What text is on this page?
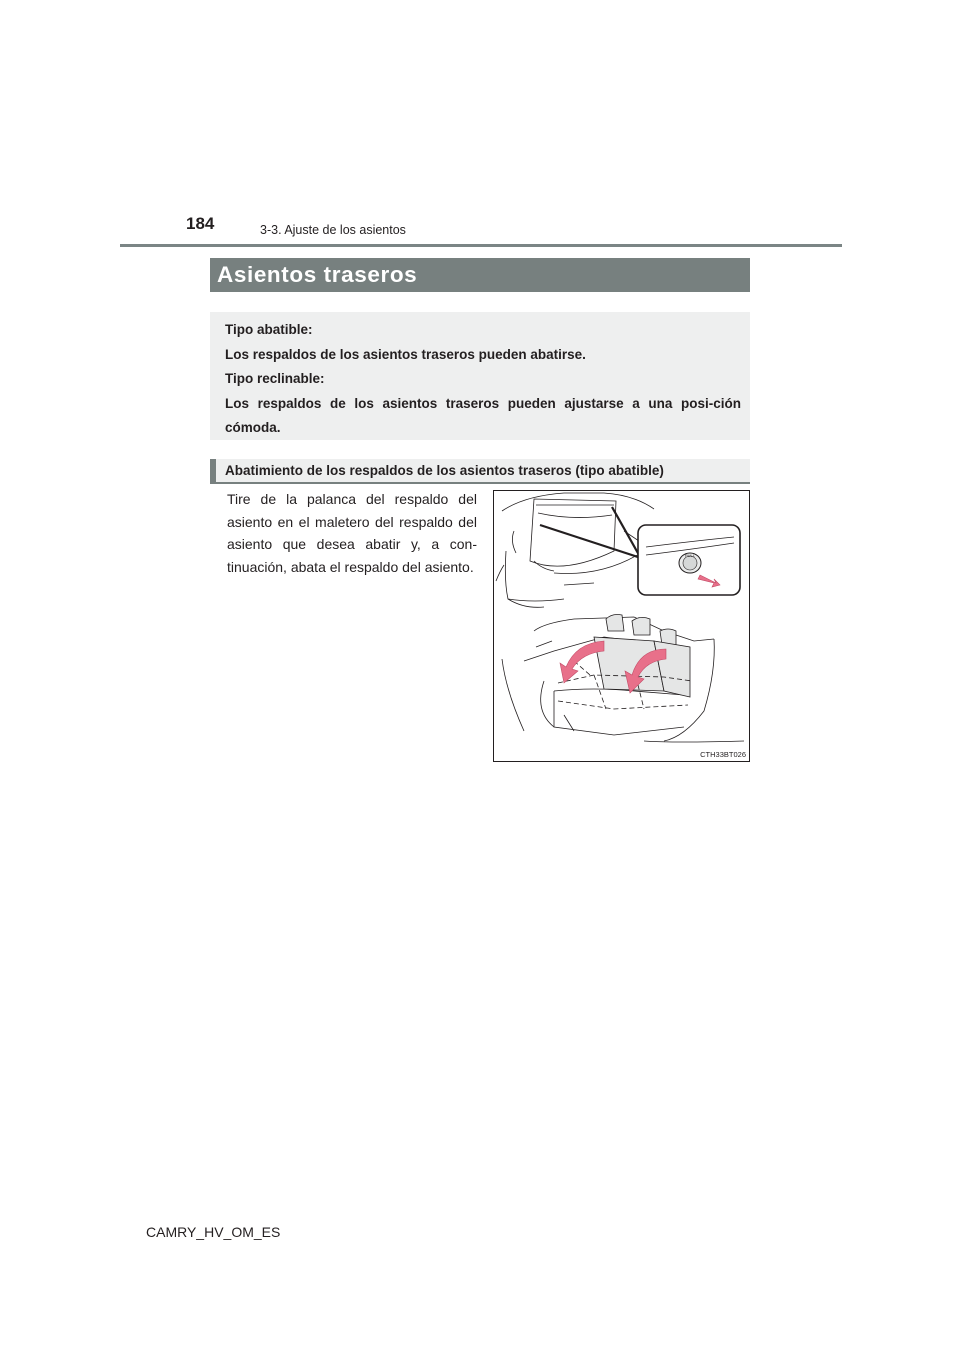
184	3-3. Ajuste de los asientos
Asientos traseros

Tipo abatible:

Los respaldos de los asientos traseros pueden abatirse.

Tipo reclinable:

Los respaldos de los asientos traseros pueden ajustarse a una posi-ción cómoda.

Abatimiento de los respaldos de los asientos traseros (tipo abatible)
Tire de la palanca del respaldo del asiento en el maletero del respaldo del asiento que desea abatir y, a con-tinuación, abata el respaldo del asiento.
PULL
CTH33BT026
CAMRY_HV_OM_ES
